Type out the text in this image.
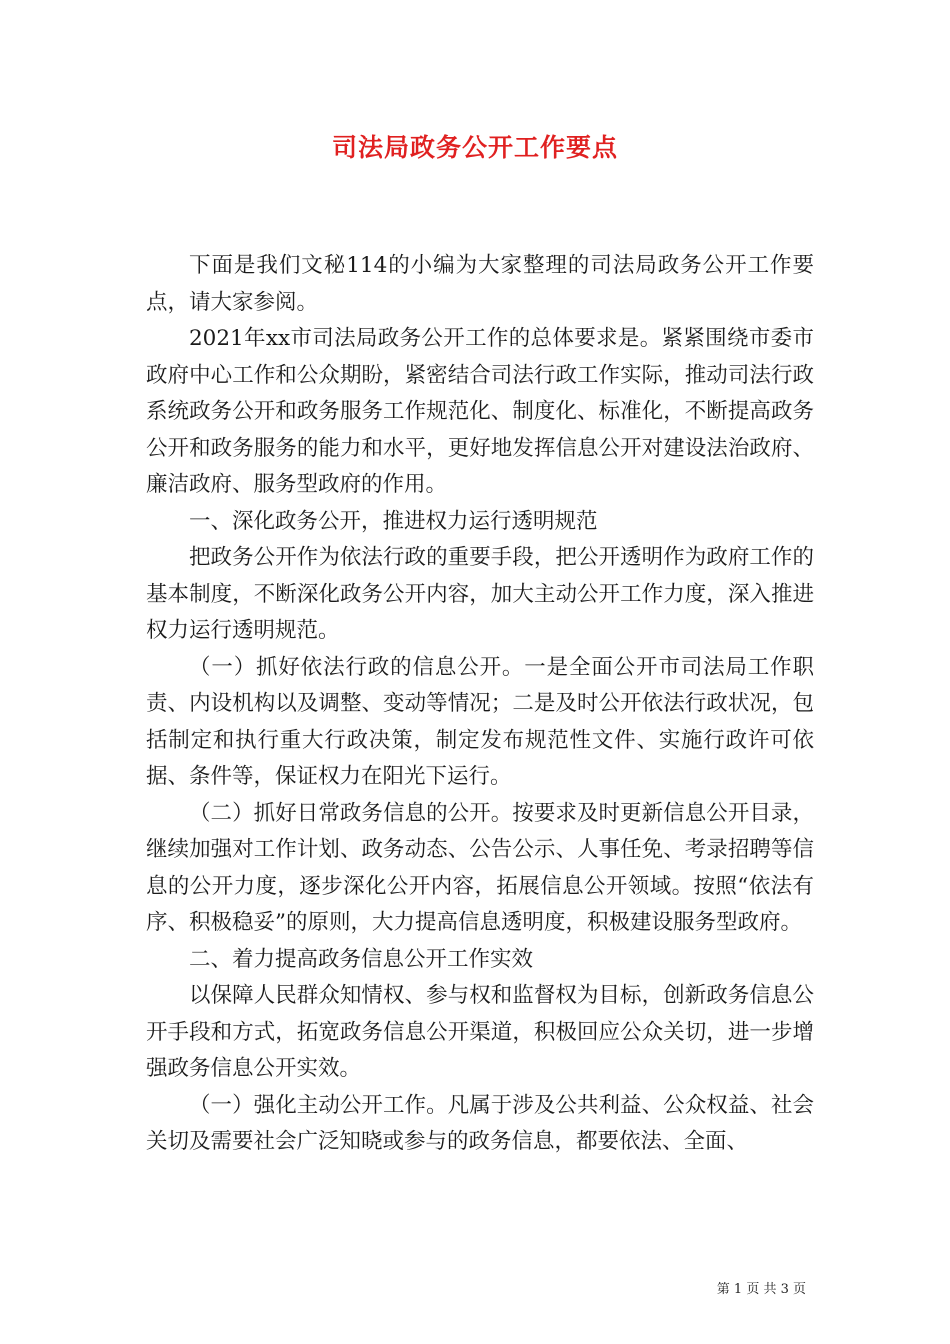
司法局政务公开工作要点

下面是我们文秘114的小编为大家整理的司法局政务公开工作要点，请大家参阅。

2021年xx市司法局政务公开工作的总体要求是。紧紧围绕市委市政府中心工作和公众期盼，紧密结合司法行政工作实际，推动司法行政系统政务公开和政务服务工作规范化、制度化、标准化，不断提高政务公开和政务服务的能力和水平，更好地发挥信息公开对建设法治政府、廉洁政府、服务型政府的作用。

一、深化政务公开，推进权力运行透明规范

把政务公开作为依法行政的重要手段，把公开透明作为政府工作的基本制度，不断深化政务公开内容，加大主动公开工作力度，深入推进权力运行透明规范。

（一）抓好依法行政的信息公开。一是全面公开市司法局工作职责、内设机构以及调整、变动等情况；二是及时公开依法行政状况，包括制定和执行重大行政决策，制定发布规范性文件、实施行政许可依据、条件等，保证权力在阳光下运行。

（二）抓好日常政务信息的公开。按要求及时更新信息公开目录，继续加强对工作计划、政务动态、公告公示、人事任免、考录招聘等信息的公开力度，逐步深化公开内容，拓展信息公开领域。按照“依法有序、积极稳妥”的原则，大力提高信息透明度，积极建设服务型政府。

二、着力提高政务信息公开工作实效

以保障人民群众知情权、参与权和监督权为目标，创新政务信息公开手段和方式，拓宽政务信息公开渠道，积极回应公众关切，进一步增强政务信息公开实效。

（一）强化主动公开工作。凡属于涉及公共利益、公众权益、社会关切及需要社会广泛知晓或参与的政务信息，都要依法、全面、

第 1 页 共 3 页
